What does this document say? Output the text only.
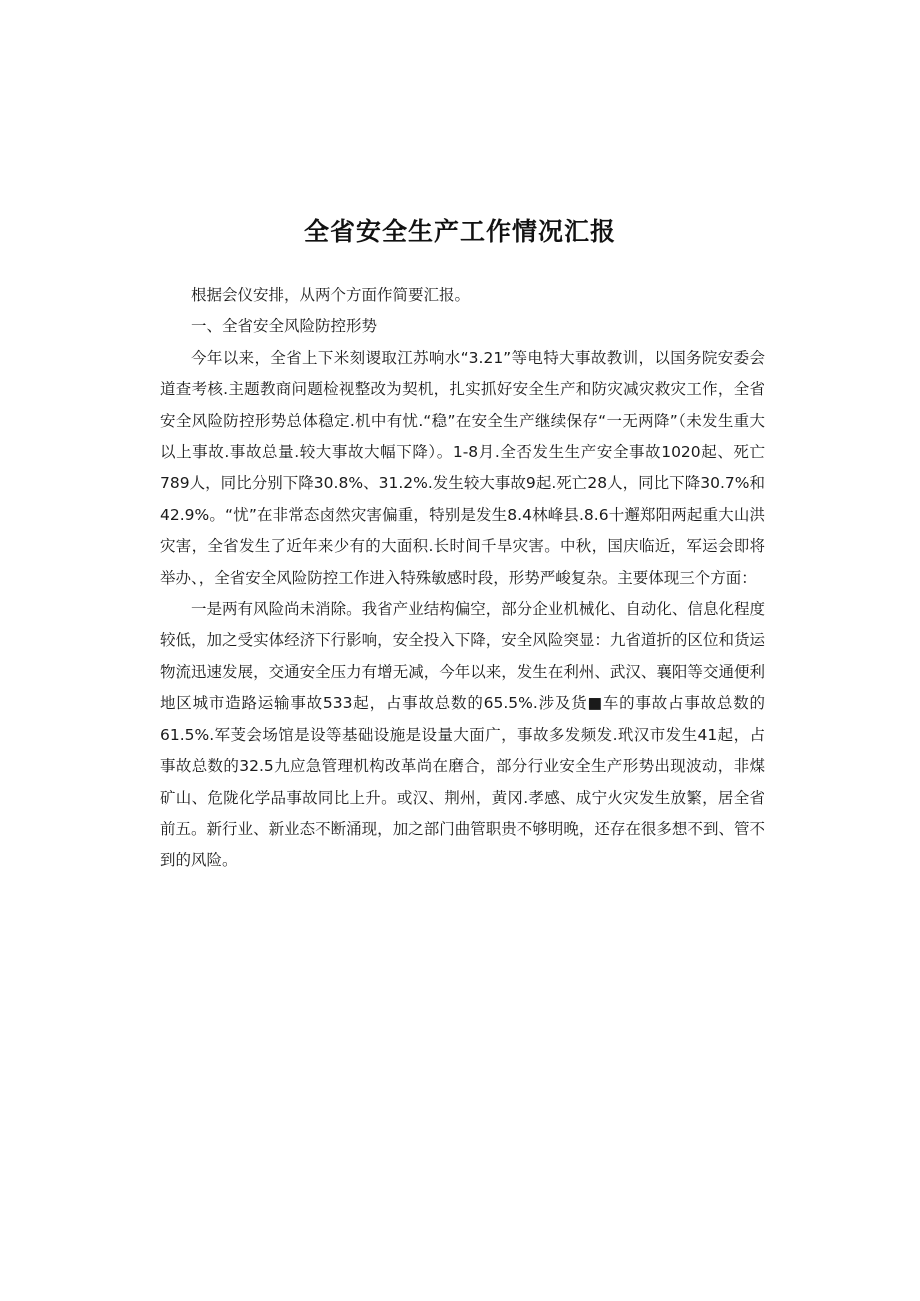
全省安全生产工作情况汇报

根据会仪安排，从两个方面作简要汇报。

一、全省安全风险防控形势

今年以来，全省上下米刻谡取江苏响水“3.21”等电特大事故教训，以国务院安委会道查考核.主题教商问题检视整改为契机，扎实抓好安全生产和防灾减灾救灾工作，全省安全风险防控形势总体稳定.机中有忧.“稳”在安全生产继续保存“一无两降”（未发生重大以上事故.事故总量.较大事故大幅下降）。1-8月.全否发生生产安全事故1020起、死亡789人，同比分别下降30.8%、31.2%.发生较大事故9起.死亡28人，同比下降30.7%和42.9%。“忧”在非常态卤然灾害偏重，特别是发生8.4林峰县.8.6十邂郑阳两起重大山洪灾害，全省发生了近年来少有的大面积.长时间千旱灾害。中秋，国庆临近，军运会即将举办、，全省安全风险防控工作进入特殊敏感时段，形势严峻复杂。主要体现三个方面：

一是两有风险尚未消除。我省产业结构偏空，部分企业机械化、自动化、信息化程度较低，加之受实体经济下行影响，安全投入下降，安全风险突显：九省道折的区位和货运物流迅速发展，交通安全压力有增无减，今年以来，发生在利州、武汉、襄阳等交通便利地区城市造路运输事故533起，占事故总数的65.5%.涉及货■车的事故占事故总数的61.5%.军芰会场馆是设等基础设施是设量大面广，事故多发频发.玳汉市发生41起，占事故总数的32.5九应急管理机构改革尚在磨合，部分行业安全生产形势出现波动，非煤矿山、危陇化学品事故同比上升。或汉、荆州，黄冈.孝感、成宁火灾发生放繁，居全省前五。新行业、新业态不断涌现，加之部门曲管职贵不够明晚，还存在很多想不到、管不到的风险。
